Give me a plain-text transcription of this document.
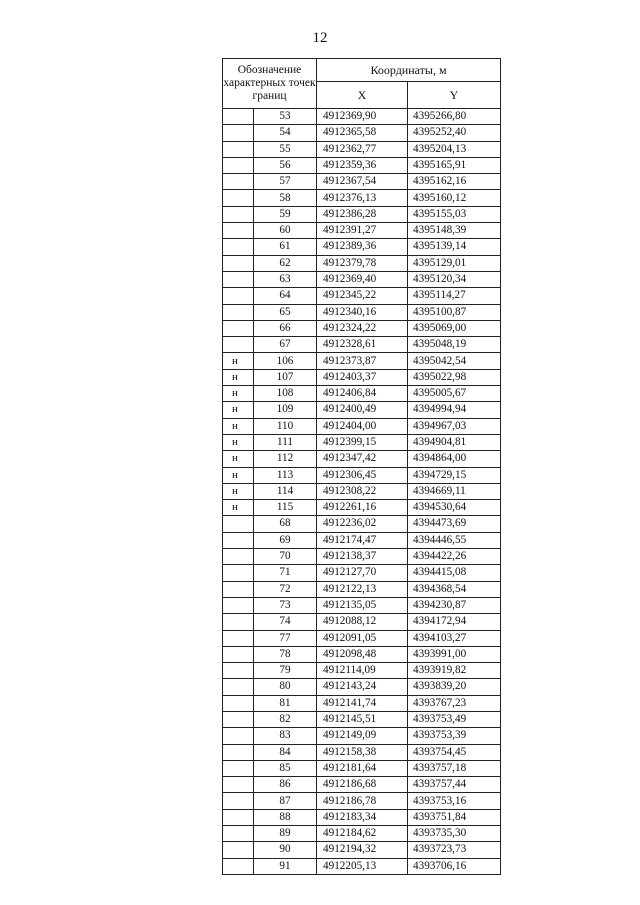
12
Обозначение характерных точек границ		Координаты, м	
		X	Y
	53	4912369,90	4395266,80
	54	4912365,58	4395252,40
	55	4912362,77	4395204,13
	56	4912359,36	4395165,91
	57	4912367,54	4395162,16
	58	4912376,13	4395160,12
	59	4912386,28	4395155,03
	60	4912391,27	4395148,39
	61	4912389,36	4395139,14
	62	4912379,78	4395129,01
	63	4912369,40	4395120,34
	64	4912345,22	4395114,27
	65	4912340,16	4395100,87
	66	4912324,22	4395069,00
	67	4912328,61	4395048,19
н	106	4912373,87	4395042,54
н	107	4912403,37	4395022,98
н	108	4912406,84	4395005,67
н	109	4912400,49	4394994,94
н	110	4912404,00	4394967,03
н	111	4912399,15	4394904,81
н	112	4912347,42	4394864,00
н	113	4912306,45	4394729,15
н	114	4912308,22	4394669,11
н	115	4912261,16	4394530,64
	68	4912236,02	4394473,69
	69	4912174,47	4394446,55
	70	4912138,37	4394422,26
	71	4912127,70	4394415,08
	72	4912122,13	4394368,54
	73	4912135,05	4394230,87
	74	4912088,12	4394172,94
	77	4912091,05	4394103,27
	78	4912098,48	4393991,00
	79	4912114,09	4393919,82
	80	4912143,24	4393839,20
	81	4912141,74	4393767,23
	82	4912145,51	4393753,49
	83	4912149,09	4393753,39
	84	4912158,38	4393754,45
	85	4912181,64	4393757,18
	86	4912186,68	4393757,44
	87	4912186,78	4393753,16
	88	4912183,34	4393751,84
	89	4912184,62	4393735,30
	90	4912194,32	4393723,73
	91	4912205,13	4393706,16
